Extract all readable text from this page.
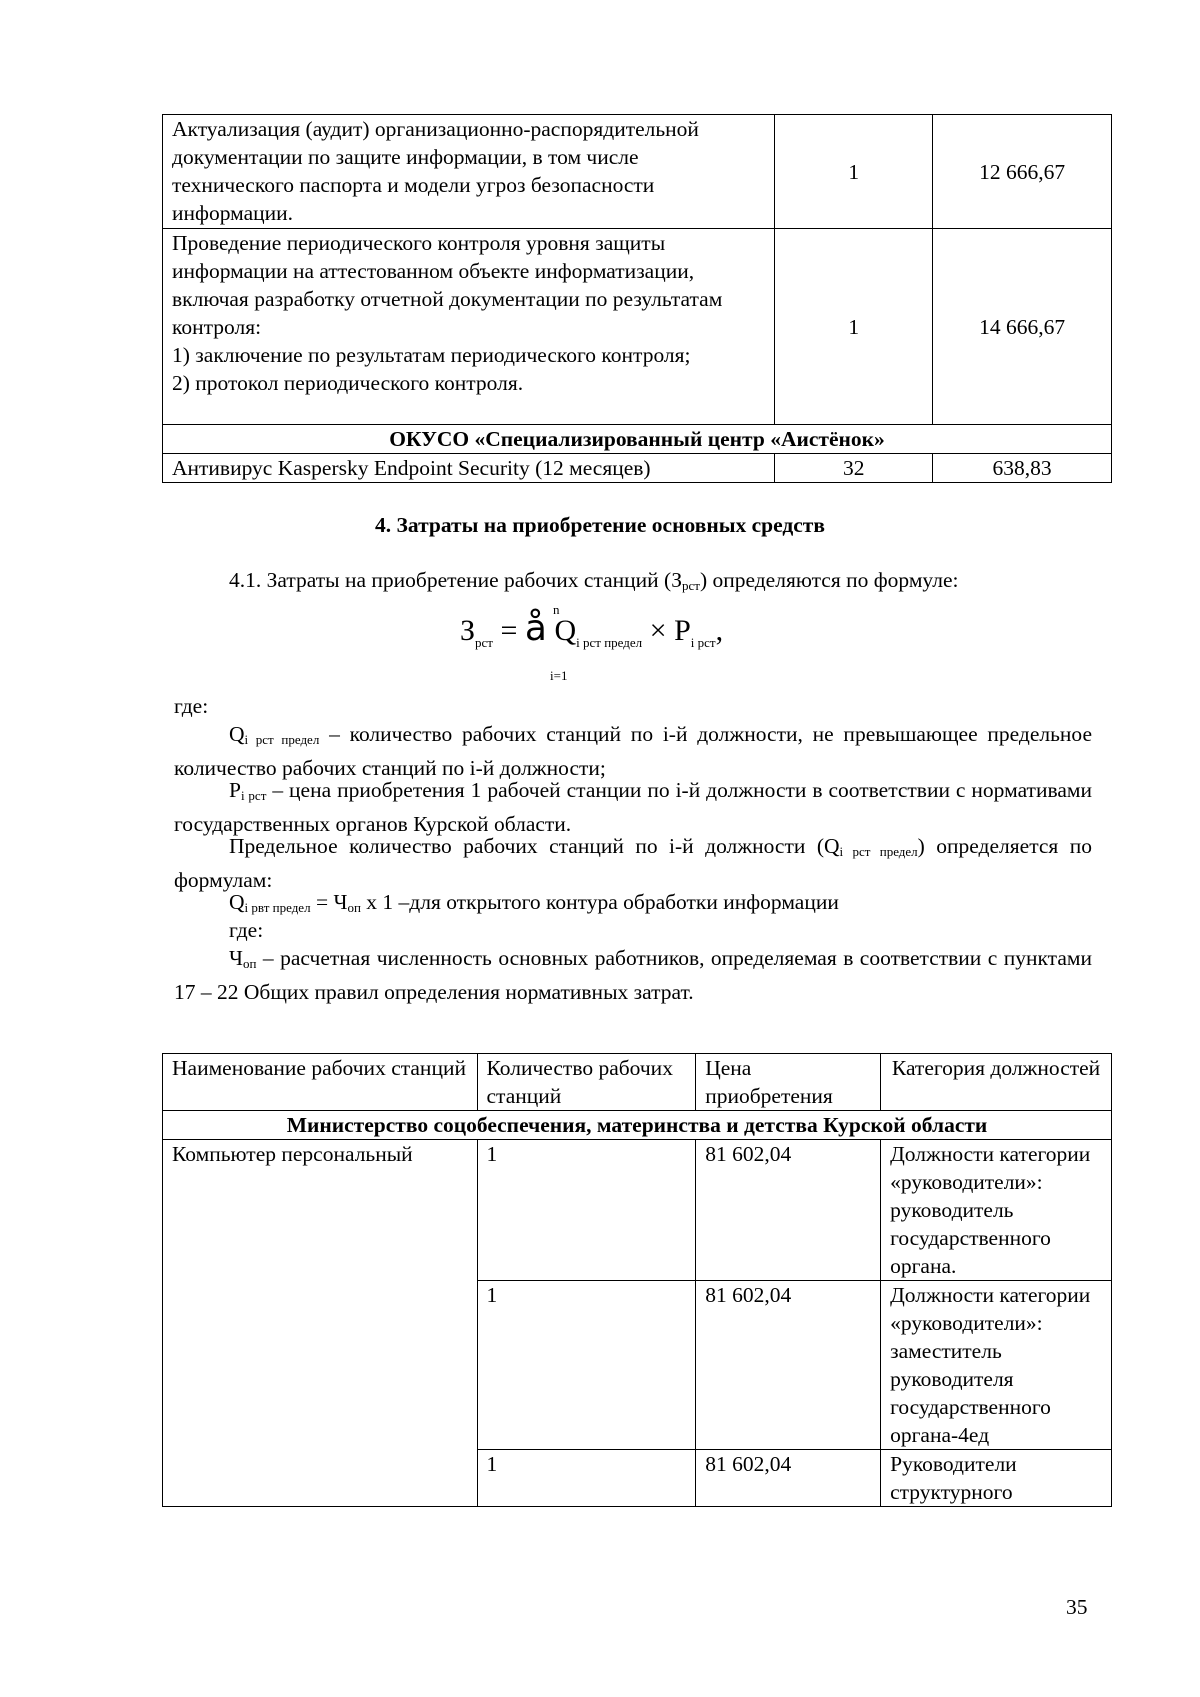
Актуализация (аудит) организационно-распорядительной документации по защите информации, в том числе технического паспорта и модели угроз безопасности информации.	1	12 666,67
Проведение периодического контроля уровня защиты информации на аттестованном объекте информатизации, включая разработку отчетной документации по результатам контроля:
1) заключение по результатам периодического контроля;
2) протокол периодического контроля.	1	14 666,67
ОКУСО «Специализированный центр «Аистёнок»		
Антивирус Kaspersky Endpoint Security (12 месяцев)	32	638,83
4. Затраты на приобретение основных средств
4.1. Затраты на приобретение рабочих станций $(З_{рст})$ определяются по формуле:
n
i=1
$З_{рст}$ = å $Q_{i рст предел} \times P_{i рст}$,
где:
$Q_{i рст предел}$ – количество рабочих станций по i-й должности, не превышающее предельное количество рабочих станций по i-й должности;
$P_{i рст}$ – цена приобретения 1 рабочей станции по i-й должности в соответствии с нормативами государственных органов Курской области.
Предельное количество рабочих станций по i-й должности $(Q_{i рст предел})$ определяется по формулам:
$Q_{i рвт предел} = Ч_{оп}$ х 1 –для открытого контура обработки информации
где:
$Ч_{оп}$ – расчетная численность основных работников, определяемая в соответствии с пунктами 17 – 22 Общих правил определения нормативных затрат.
Наименование рабочих станций	Количество рабочих станций	Цена приобретения	Категория должностей
Министерство соцобеспечения, материнства и детства Курской области			
Компьютер персональный	1	81 602,04	Должности категории «руководители»: руководитель государственного органа.
	1	81 602,04	Должности категории «руководители»: заместитель руководителя государственного органа-4ед
	1	81 602,04	Руководители структурного
35
